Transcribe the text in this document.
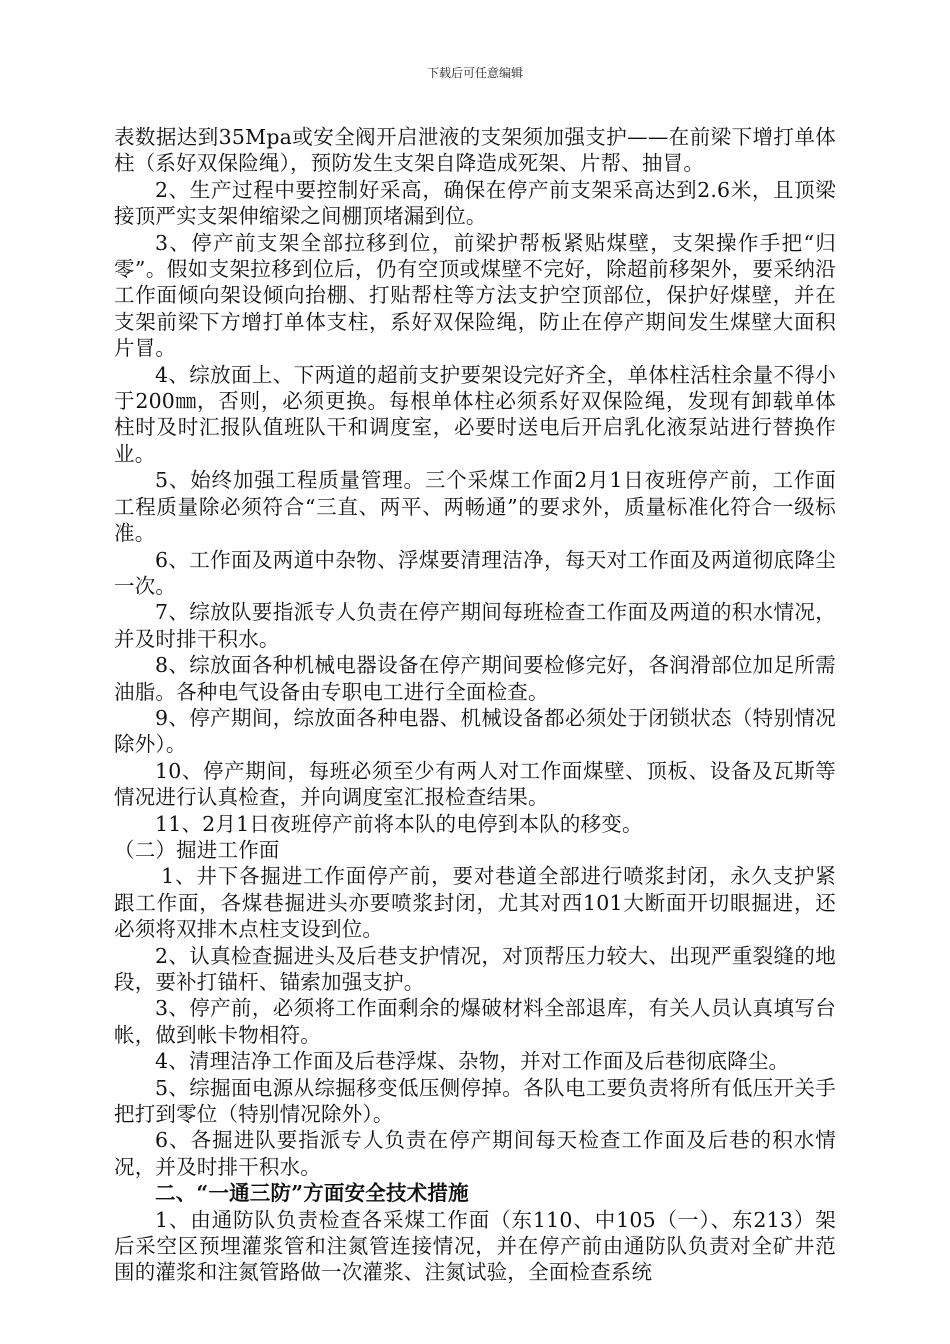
下载后可任意编辑

表数据达到35Mpa或安全阀开启泄液的支架须加强支护——在前梁下增打单体柱（系好双保险绳），预防发生支架自降造成死架、片帮、抽冒。

2、生产过程中要控制好采高，确保在停产前支架采高达到2.6米，且顶梁接顶严实支架伸缩梁之间棚顶堵漏到位。

3、停产前支架全部拉移到位，前梁护帮板紧贴煤壁，支架操作手把“归零”。假如支架拉移到位后，仍有空顶或煤壁不完好，除超前移架外，要采纳沿工作面倾向架设倾向抬棚、打贴帮柱等方法支护空顶部位，保护好煤壁，并在支架前梁下方增打单体支柱，系好双保险绳，防止在停产期间发生煤壁大面积片冒。

4、综放面上、下两道的超前支护要架设完好齐全，单体柱活柱余量不得小于200㎜，否则，必须更换。每根单体柱必须系好双保险绳，发现有卸载单体柱时及时汇报队值班队干和调度室，必要时送电后开启乳化液泵站进行替换作业。

5、始终加强工程质量管理。三个采煤工作面2月1日夜班停产前，工作面工程质量除必须符合“三直、两平、两畅通”的要求外，质量标准化符合一级标准。

6、工作面及两道中杂物、浮煤要清理洁净，每天对工作面及两道彻底降尘一次。

7、综放队要指派专人负责在停产期间每班检查工作面及两道的积水情况，并及时排干积水。

8、综放面各种机械电器设备在停产期间要检修完好，各润滑部位加足所需油脂。各种电气设备由专职电工进行全面检查。

9、停产期间，综放面各种电器、机械设备都必须处于闭锁状态（特别情况除外）。

10、停产期间，每班必须至少有两人对工作面煤壁、顶板、设备及瓦斯等情况进行认真检查，并向调度室汇报检查结果。

11、2月1日夜班停产前将本队的电停到本队的移变。

（二）掘进工作面

1、井下各掘进工作面停产前，要对巷道全部进行喷浆封闭，永久支护紧跟工作面，各煤巷掘进头亦要喷浆封闭，尤其对西101大断面开切眼掘进，还必须将双排木点柱支设到位。

2、认真检查掘进头及后巷支护情况，对顶帮压力较大、出现严重裂缝的地段，要补打锚杆、锚索加强支护。

3、停产前，必须将工作面剩余的爆破材料全部退库，有关人员认真填写台帐，做到帐卡物相符。

4、清理洁净工作面及后巷浮煤、杂物，并对工作面及后巷彻底降尘。

5、综掘面电源从综掘移变低压侧停掉。各队电工要负责将所有低压开关手把打到零位（特别情况除外）。

6、各掘进队要指派专人负责在停产期间每天检查工作面及后巷的积水情况，并及时排干积水。

二、“一通三防”方面安全技术措施

1、由通防队负责检查各采煤工作面（东110、中105（一）、东213）架后采空区预埋灌浆管和注氮管连接情况，并在停产前由通防队负责对全矿井范围的灌浆和注氮管路做一次灌浆、注氮试验，全面检查系统
